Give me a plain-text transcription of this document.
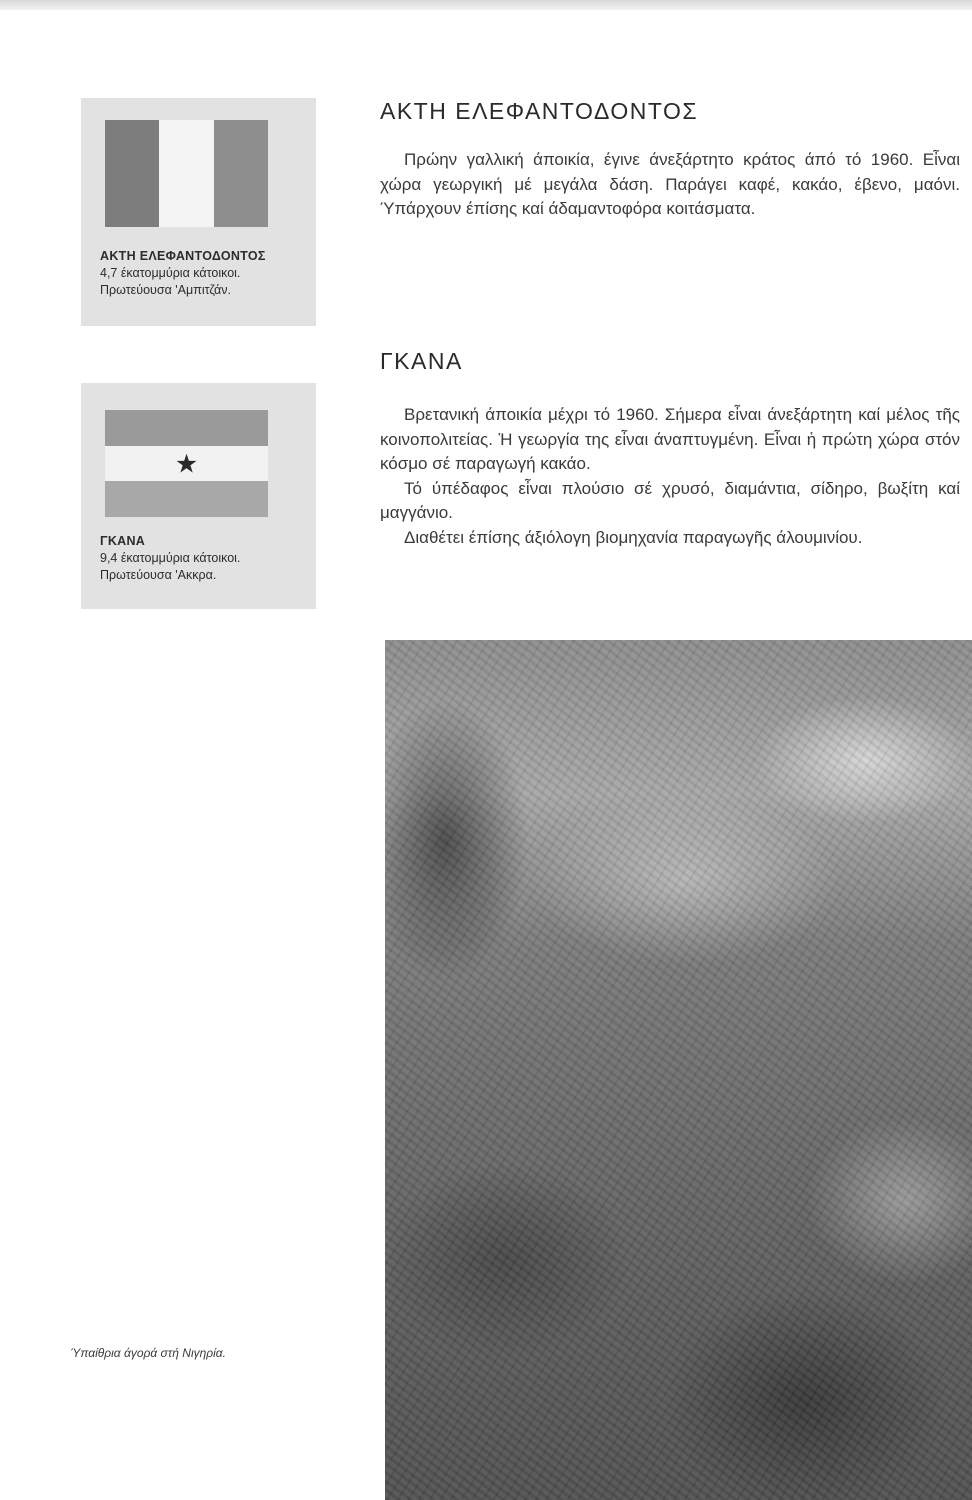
ΑΚΤΗ ΕΛΕΦΑΝΤΟΔΟΝΤΟΣ
4,7 έκατομμύρια κάτοικοι.
Πρωτεύουσα 'Αμπιτζάν.
★
ΓΚΑΝΑ
9,4 έκατομμύρια κάτοικοι.
Πρωτεύουσα 'Ακκρα.
ΑΚΤΗ ΕΛΕΦΑΝΤΟΔΟΝΤΟΣ

Πρώην γαλλική άποικία, έγινε άνεξάρτητο κράτος άπό τό 1960. Εἶναι χώρα γεωργική μέ μεγάλα δάση. Παράγει καφέ, κακάο, έβενο, μαόνι. Ύπάρχουν έπίσης καί άδαμαντοφόρα κοιτάσματα.

ΓΚΑΝΑ

Βρετανική άποικία μέχρι τό 1960. Σήμερα εἶναι άνεξάρτητη καί μέλος τῆς κοινοπολιτείας. Ἡ γεωργία της εἶναι άναπτυγμένη. Εἶναι ἡ πρώτη χώρα στόν κόσμο σέ παραγωγή κακάο.

Τό ύπέδαφος εἶναι πλούσιο σέ χρυσό, διαμάντια, σίδηρο, βωξίτη καί μαγγάνιο.

Διαθέτει έπίσης άξιόλογη βιομηχανία παραγωγῆς άλουμινίου.

Ύπαίθρια άγορά στή Νιγηρία.
